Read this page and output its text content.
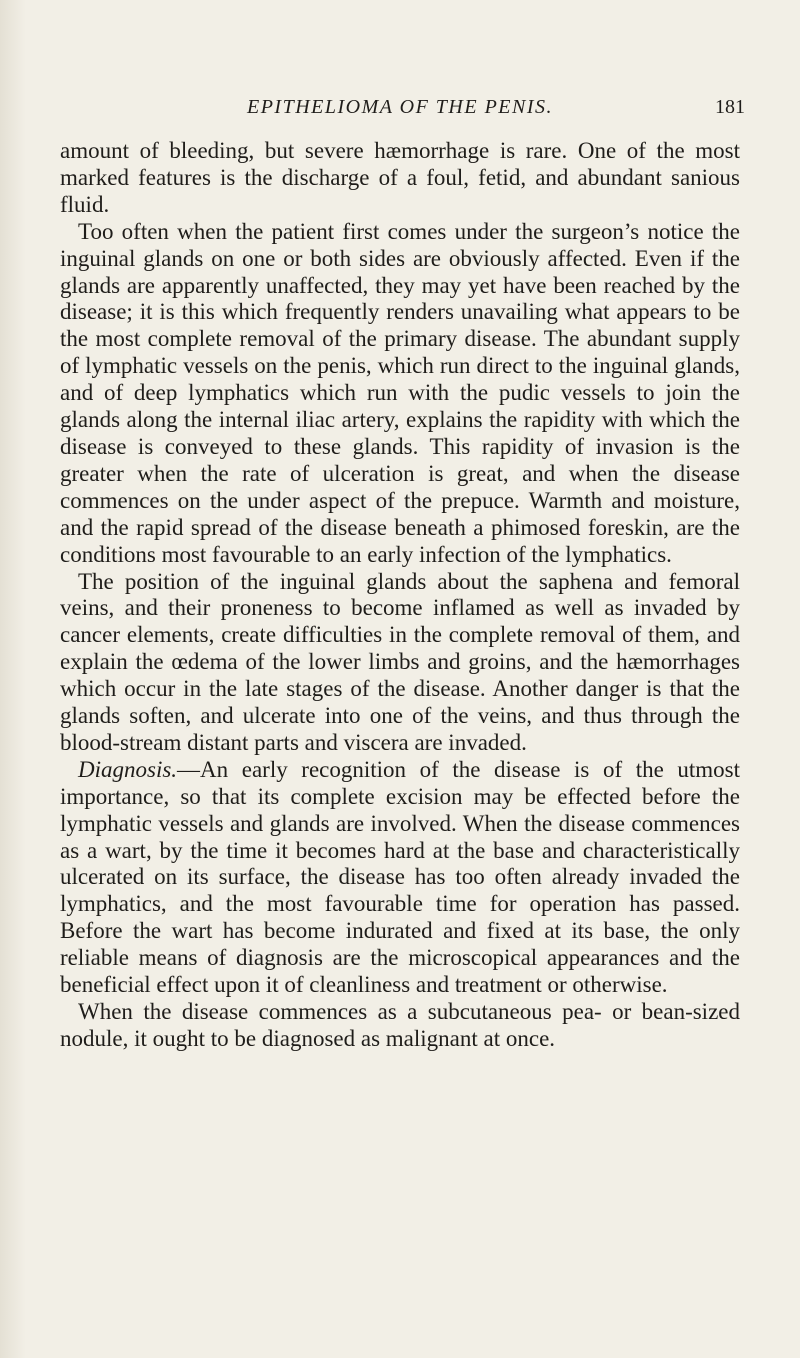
EPITHELIOMA OF THE PENIS.	181

amount of bleeding, but severe hæmorrhage is rare. One of the most marked features is the discharge of a foul, fetid, and abundant sanious fluid.

Too often when the patient first comes under the surgeon’s notice the inguinal glands on one or both sides are obviously affected. Even if the glands are apparently unaffected, they may yet have been reached by the disease; it is this which frequently renders unavailing what appears to be the most complete removal of the primary disease. The abundant supply of lymphatic vessels on the penis, which run direct to the inguinal glands, and of deep lymphatics which run with the pudic vessels to join the glands along the internal iliac artery, explains the rapidity with which the disease is conveyed to these glands. This rapidity of invasion is the greater when the rate of ulceration is great, and when the disease commences on the under aspect of the prepuce. Warmth and moisture, and the rapid spread of the disease beneath a phimosed foreskin, are the conditions most favourable to an early infection of the lymphatics.

The position of the inguinal glands about the saphena and femoral veins, and their proneness to become inflamed as well as invaded by cancer elements, create difficulties in the complete removal of them, and explain the œdema of the lower limbs and groins, and the hæmorrhages which occur in the late stages of the disease. Another danger is that the glands soften, and ulcerate into one of the veins, and thus through the blood-stream distant parts and viscera are invaded.

Diagnosis.—An early recognition of the disease is of the utmost importance, so that its complete excision may be effected before the lymphatic vessels and glands are involved. When the disease commences as a wart, by the time it becomes hard at the base and characteristically ulcerated on its surface, the disease has too often already invaded the lymphatics, and the most favourable time for operation has passed. Before the wart has become indurated and fixed at its base, the only reliable means of diagnosis are the microscopical appearances and the beneficial effect upon it of cleanliness and treatment or otherwise.

When the disease commences as a subcutaneous pea- or bean-sized nodule, it ought to be diagnosed as malignant at once.
